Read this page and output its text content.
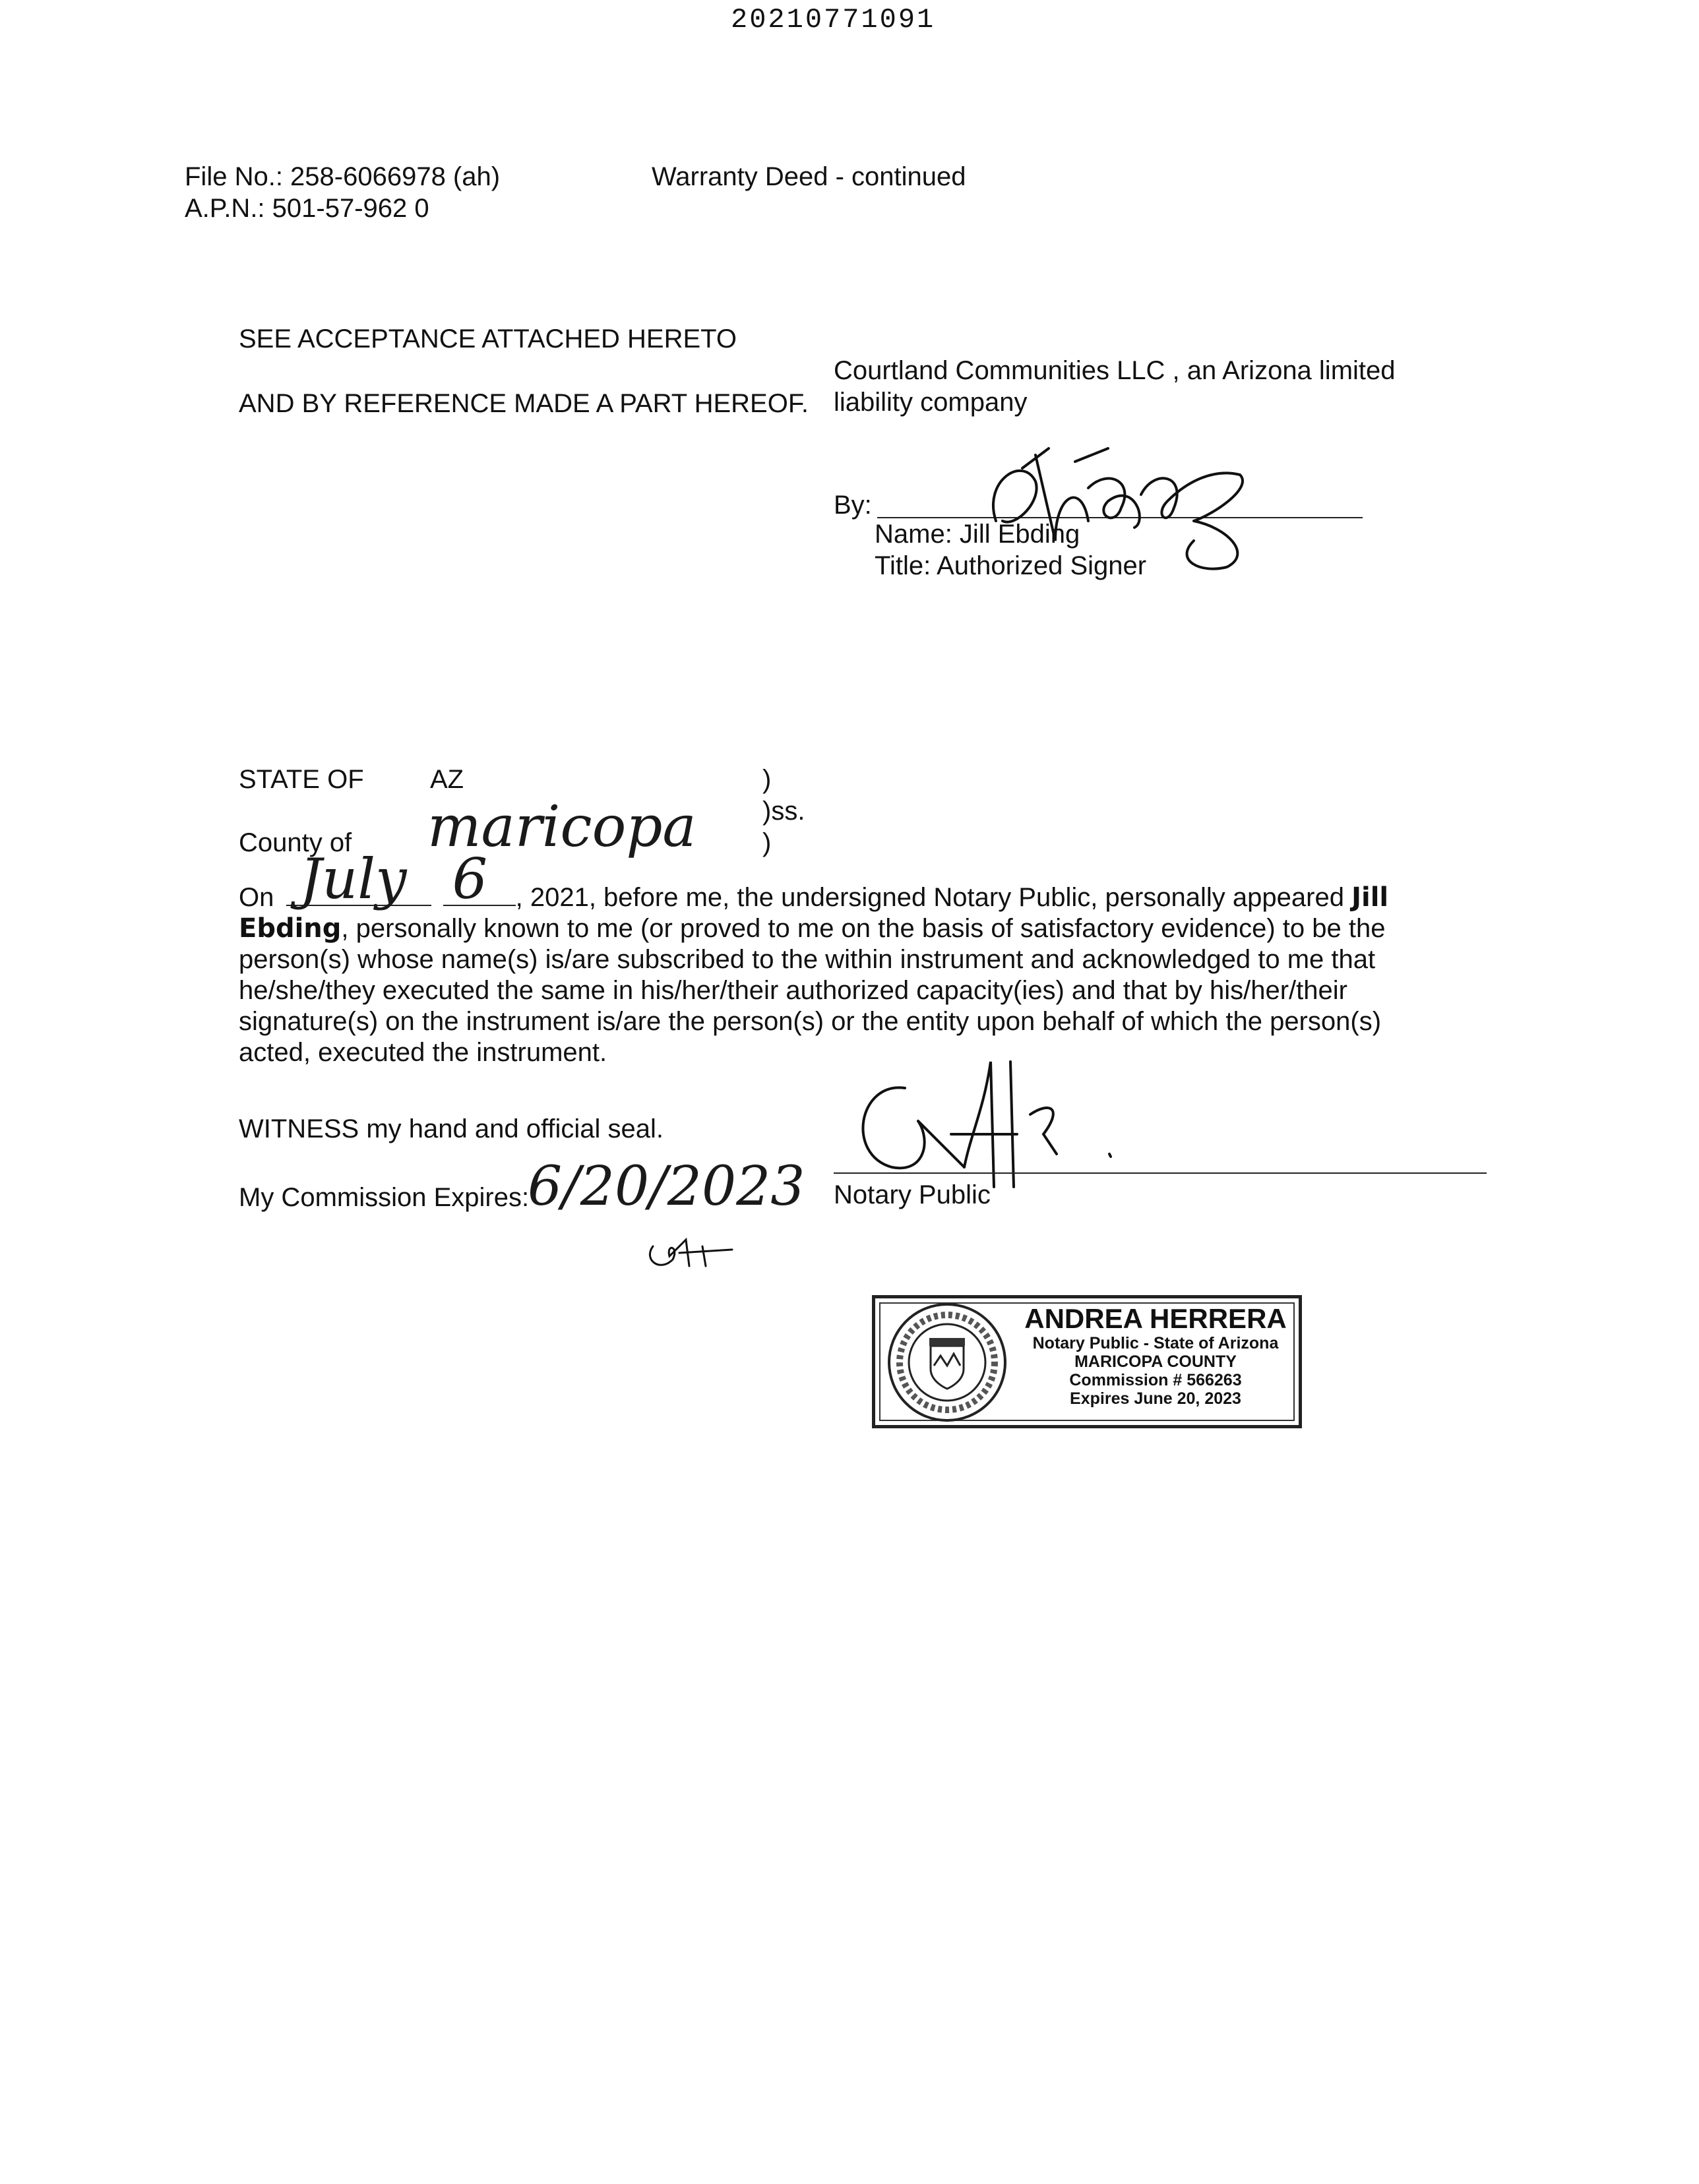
20210771091
File No.: 258-6066978 (ah)
A.P.N.: 501-57-962 0
Warranty Deed - continued
SEE ACCEPTANCE ATTACHED HERETO
AND BY REFERENCE MADE A PART HEREOF.
Courtland Communities LLC , an Arizona limited
liability company
By:
Name: Jill Ebding
Title: Authorized Signer
STATE OF	AZ
County of maricopa
)
)ss.
)

On July
6 , 2021, before me, the undersigned Notary Public, personally appeared Jill

Ebding, personally known to me (or proved to me on the basis of satisfactory evidence) to be the

person(s) whose name(s) is/are subscribed to the within instrument and acknowledged to me that

he/she/they executed the same in his/her/their authorized capacity(ies) and that by his/her/their

signature(s) on the instrument is/are the person(s) or the entity upon behalf of which the person(s)

acted, executed the instrument.

WITNESS my hand and official seal.
My Commission Expires:
6/20/2023 Notary Public
ANDREA HERRERA
Notary Public - State of Arizona
MARICOPA COUNTY
Commission # 566263
Expires June 20, 2023
